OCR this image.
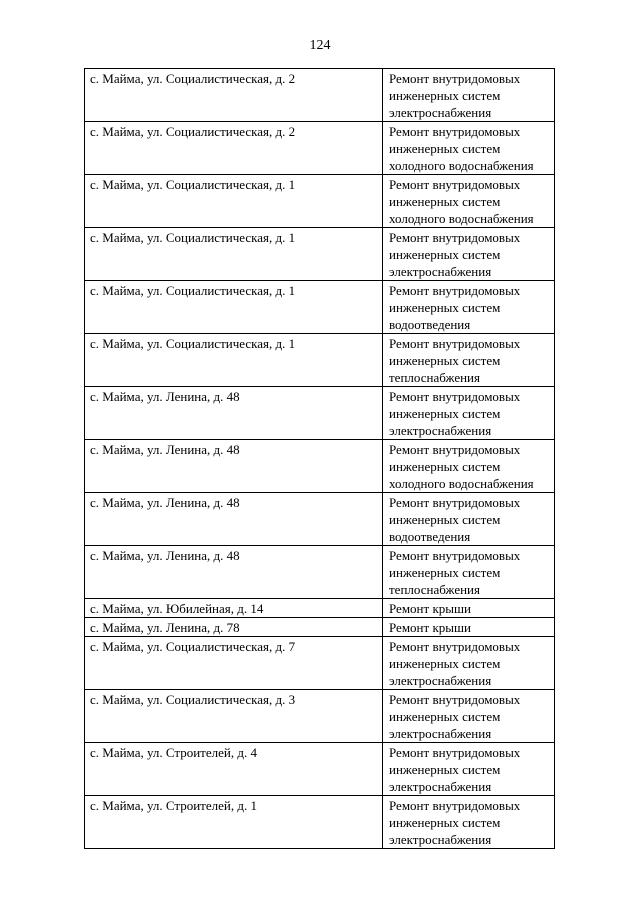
124
с. Майма, ул. Социалистическая, д. 2	Ремонт внутридомовых
инженерных систем
электроснабжения

с. Майма, ул. Социалистическая, д. 2	Ремонт внутридомовых
инженерных систем
холодного водоснабжения

с. Майма, ул. Социалистическая, д. 1	Ремонт внутридомовых
инженерных систем
холодного водоснабжения

с. Майма, ул. Социалистическая, д. 1	Ремонт внутридомовых
инженерных систем
электроснабжения

с. Майма, ул. Социалистическая, д. 1	Ремонт внутридомовых
инженерных систем
водоотведения

с. Майма, ул. Социалистическая, д. 1	Ремонт внутридомовых
инженерных систем
теплоснабжения

с. Майма, ул. Ленина, д. 48	Ремонт внутридомовых
инженерных систем
электроснабжения

с. Майма, ул. Ленина, д. 48	Ремонт внутридомовых
инженерных систем
холодного водоснабжения

с. Майма, ул. Ленина, д. 48	Ремонт внутридомовых
инженерных систем
водоотведения

с. Майма, ул. Ленина, д. 48	Ремонт внутридомовых
инженерных систем
теплоснабжения

с. Майма, ул. Юбилейная, д. 14	Ремонт крыши

с. Майма, ул. Ленина, д. 78	Ремонт крыши

с. Майма, ул. Социалистическая, д. 7	Ремонт внутридомовых
инженерных систем
электроснабжения

с. Майма, ул. Социалистическая, д. 3	Ремонт внутридомовых
инженерных систем
электроснабжения

с. Майма, ул. Строителей, д. 4	Ремонт внутридомовых
инженерных систем
электроснабжения

с. Майма, ул. Строителей, д. 1	Ремонт внутридомовых
инженерных систем
электроснабжения
